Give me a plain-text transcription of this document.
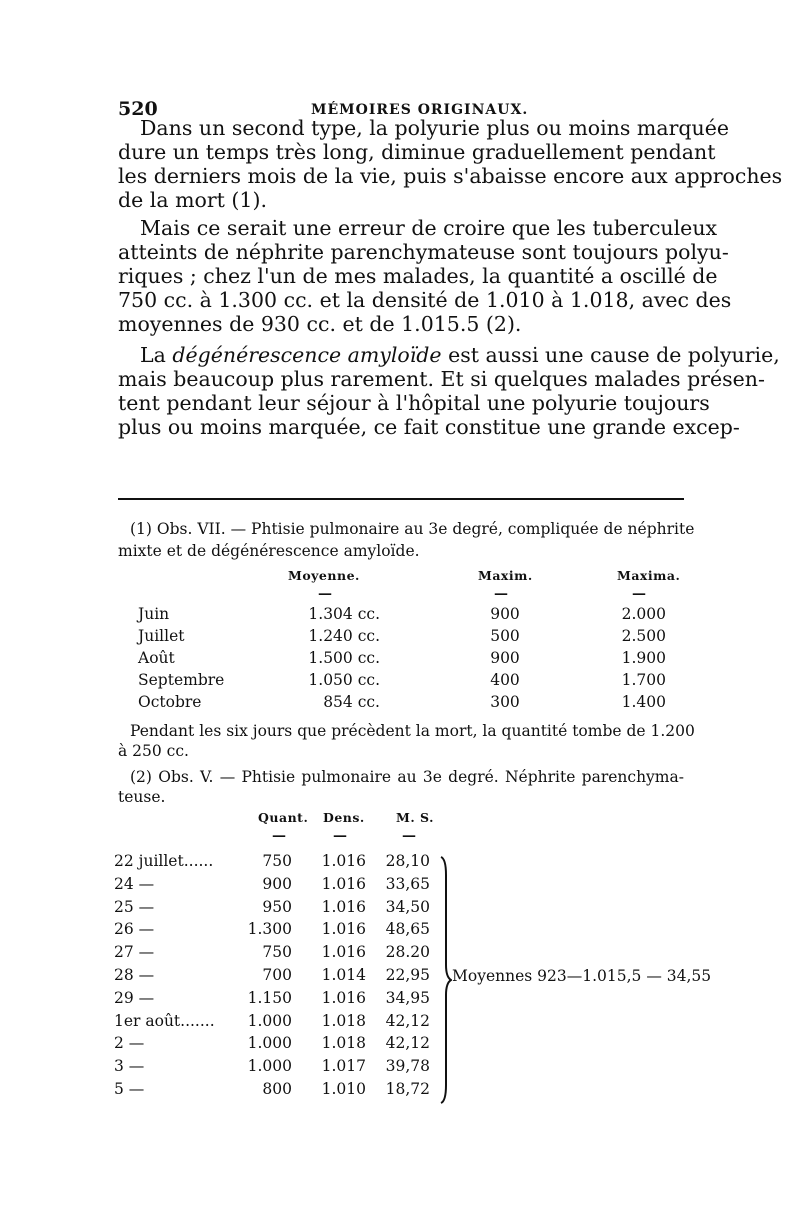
520	MÉMOIRES ORIGINAUX.
Dans un second type, la polyurie plus ou moins marquée
dure un temps très long, diminue graduellement pendant
les derniers mois de la vie, puis s'abaisse encore aux approches
de la mort (1).
Mais ce serait une erreur de croire que les tuberculeux
atteints de néphrite parenchymateuse sont toujours polyu-
riques ; chez l'un de mes malades, la quantité a oscillé de
750 cc. à 1.300 cc. et la densité de 1.010 à 1.018, avec des
moyennes de 930 cc. et de 1.015.5 (2).
La dégénérescence amyloïde est aussi une cause de polyurie,
mais beaucoup plus rarement. Et si quelques malades présen-
tent pendant leur séjour à l'hôpital une polyurie toujours
plus ou moins marquée, ce fait constitue une grande excep-
(1) Obs. VII. — Phtisie pulmonaire au 3e degré, compliquée de néphrite
mixte et de dégénérescence amyloïde.
Moyenne.	Maxim.	Maxima.
—	—	—
Juin	1.304 cc.	900	2.000
Juillet	1.240 cc.	500	2.500
Août	1.500 cc.	900	1.900
Septembre	1.050 cc.	400	1.700
Octobre	854 cc.	300	1.400
Pendant les six jours que précèdent la mort, la quantité tombe de 1.200
à 250 cc.
(2) Obs. V. — Phtisie pulmonaire au 3e degré. Néphrite parenchyma-
teuse.
Quant. Dens. M. S.
—	—	—
22 juillet......	750 1.016	28,10
24 —	900 1.016	33,65
25 —	950 1.016	34,50
26 —	1.300 1.016	48,65
27 —	750 1.016	28.20
28 —	700 1.014	22,95
29 —	1.150 1.016	34,95
1er août.......	1.000 1.018	42,12
2 —	1.000 1.018	42,12
3 —	1.000 1.017	39,78
5 —	800 1.010	18,72
Moyennes 923—1.015,5 — 34,55
